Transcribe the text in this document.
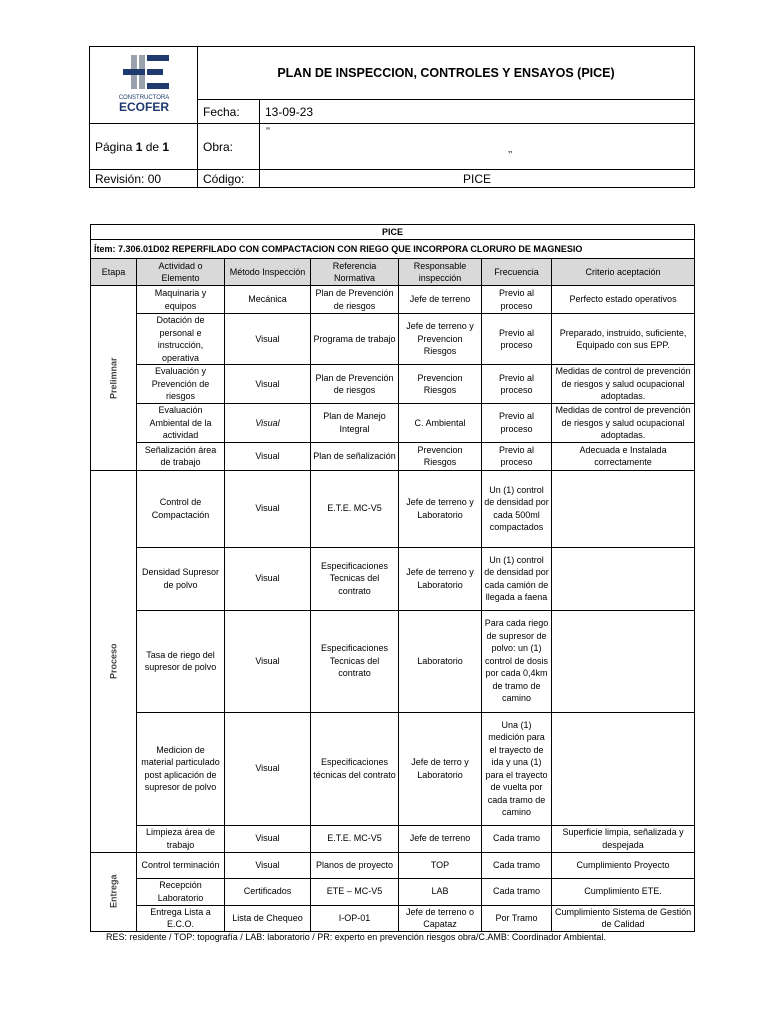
CONSTRUCTORA
ECOFER	PLAN DE INSPECCION, CONTROLES Y ENSAYOS (PICE)	
	Fecha:	13-09-23
Página 1 de 1	Obra:	‘‘
’’

Revisión: 00	Código:	PICE
PICE						
Ítem: 7.306.01D02 REPERFILADO CON COMPACTACION CON RIEGO QUE INCORPORA CLORURO DE MAGNESIO						
Etapa	Actividad o Elemento	Método Inspección	Referencia Normativa	Responsable inspección	Frecuencia	Criterio aceptación
Prelimnar	Maquinaria y equipos	Mecánica	Plan de Prevención de riesgos	Jefe de terreno	Previo al proceso	Perfecto estado operativos
	Dotación de personal e instrucción, operativa	Visual	Programa de trabajo	Jefe de terreno y Prevencion Riesgos	Previo al proceso	Preparado, instruido, suficiente, Equipado con sus EPP.
	Evaluación y Prevención de riesgos	Visual	Plan de Prevención de riesgos	Prevencion Riesgos	Previo al proceso	Medidas de control de prevención de riesgos y salud ocupacional adoptadas.
	Evaluación Ambiental de la actividad	Visual	Plan de Manejo Integral	C. Ambiental	Previo al proceso	Medidas de control de prevención de riesgos y salud ocupacional adoptadas.
	Señalización área de trabajo	Visual	Plan de señalización	Prevencion Riesgos	Previo al proceso	Adecuada e Instalada correctamente
Proceso	Control de Compactación	Visual	E.T.E. MC-V5	Jefe de terreno y Laboratorio	Un (1) control de densidad por cada 500ml compactados	
	Densidad Supresor de polvo	Visual	Especificaciones Tecnicas del contrato	Jefe de terreno y Laboratorio	Un (1) control de densidad por cada camión de llegada a faena	
	Tasa de riego del supresor de polvo	Visual	Especificaciones Tecnicas del contrato	Laboratorio	Para cada riego de supresor de polvo: un (1) control de dosis por cada 0,4km de tramo de camino	
	Medicion de material particulado post aplicación de supresor de polvo	Visual	Especificaciones técnicas del contrato	Jefe de terro y Laboratorio	Una (1) medición para el trayecto de ida y una (1) para el trayecto de vuelta por cada tramo de camino	
	Limpieza área de trabajo	Visual	E.T.E. MC-V5	Jefe de terreno	Cada tramo	Superficie limpia, señalizada y despejada
Entrega	Control terminación	Visual	Planos de proyecto	TOP	Cada tramo	Cumplimiento Proyecto
	Recepción Laboratorio	Certificados	ETE – MC-V5	LAB	Cada tramo	Cumplimiento ETE.
	Entrega Lista a E.C.O.	Lista de Chequeo	I-OP-01	Jefe de terreno o Capataz	Por Tramo	Cumplimiento Sistema de Gestión de Calidad
RES: residente / TOP: topografía / LAB: laboratorio / PR: experto en prevención riesgos obra/C.AMB: Coordinador Ambiental.
